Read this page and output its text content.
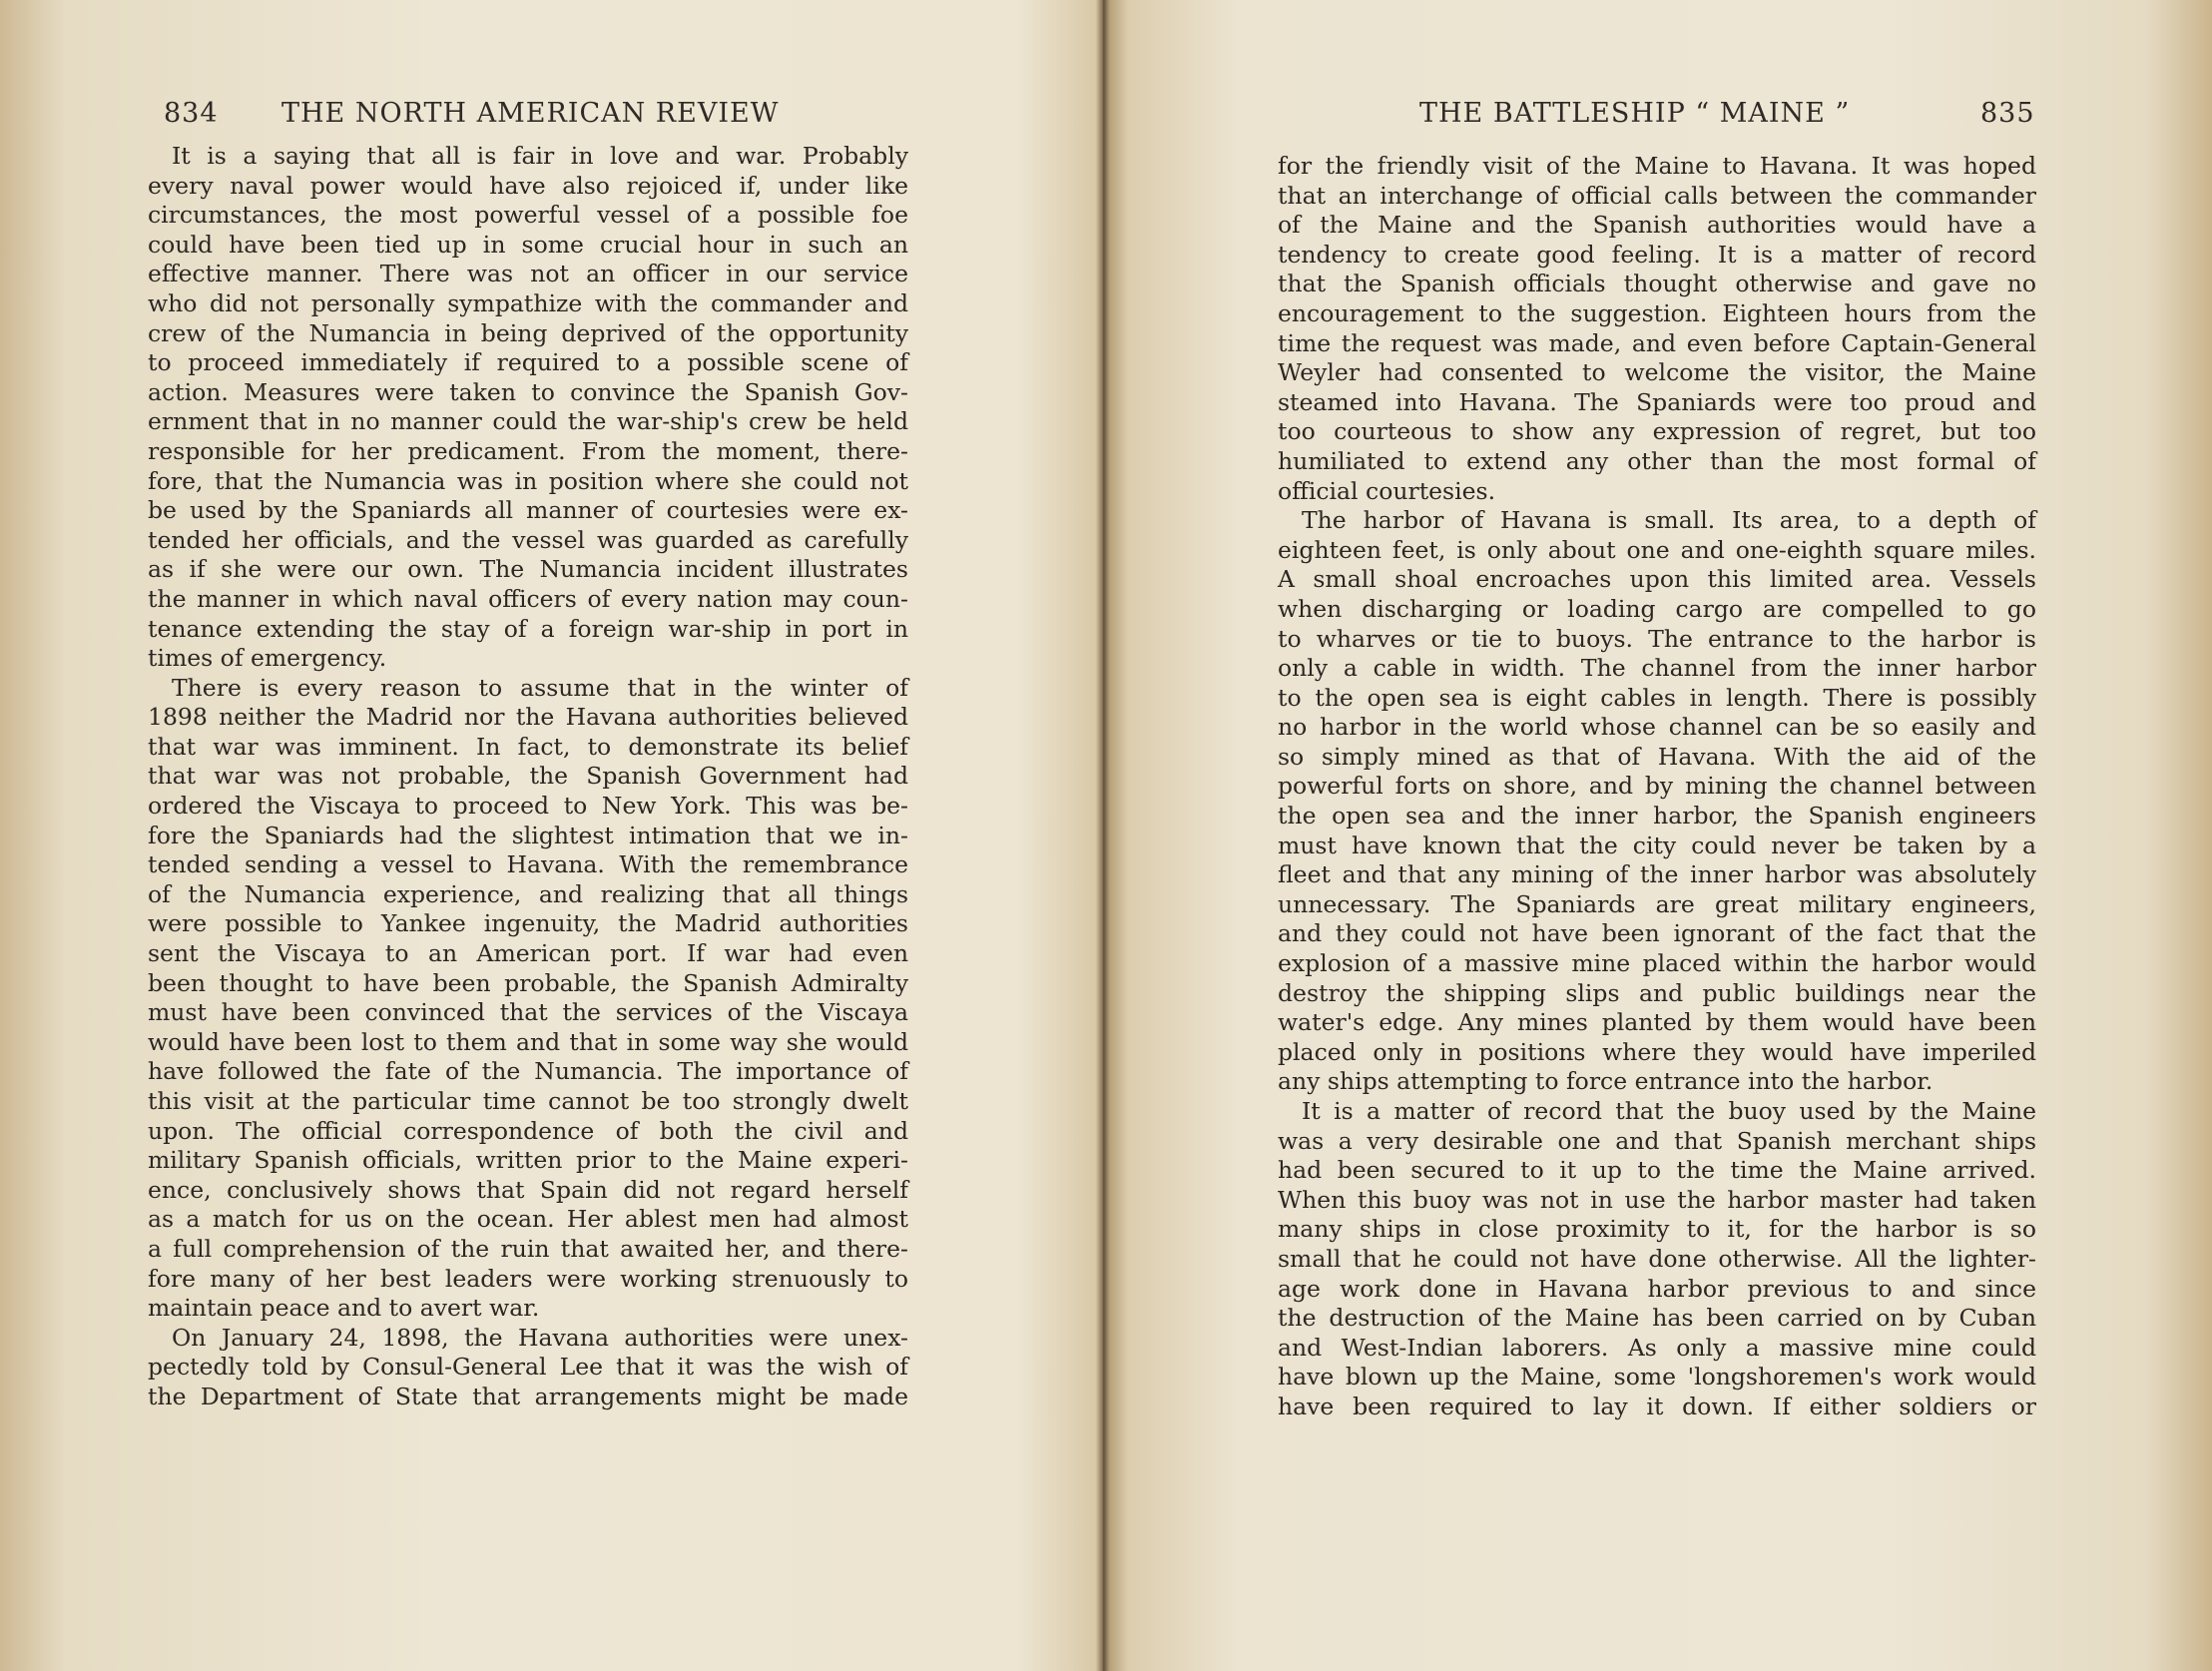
834 THE NORTH AMERICAN REVIEW
It is a saying that all is fair in love and war. Probably
every naval power would have also rejoiced if, under like
circumstances, the most powerful vessel of a possible foe
could have been tied up in some crucial hour in such an
effective manner. There was not an officer in our service
who did not personally sympathize with the commander and
crew of the Numancia in being deprived of the opportunity
to proceed immediately if required to a possible scene of
action. Measures were taken to convince the Spanish Gov-
ernment that in no manner could the war-ship's crew be held
responsible for her predicament. From the moment, there-
fore, that the Numancia was in position where she could not
be used by the Spaniards all manner of courtesies were ex-
tended her officials, and the vessel was guarded as carefully
as if she were our own. The Numancia incident illustrates
the manner in which naval officers of every nation may coun-
tenance extending the stay of a foreign war-ship in port in
times of emergency.
There is every reason to assume that in the winter of
1898 neither the Madrid nor the Havana authorities believed
that war was imminent. In fact, to demonstrate its belief
that war was not probable, the Spanish Government had
ordered the Viscaya to proceed to New York. This was be-
fore the Spaniards had the slightest intimation that we in-
tended sending a vessel to Havana. With the remembrance
of the Numancia experience, and realizing that all things
were possible to Yankee ingenuity, the Madrid authorities
sent the Viscaya to an American port. If war had even
been thought to have been probable, the Spanish Admiralty
must have been convinced that the services of the Viscaya
would have been lost to them and that in some way she would
have followed the fate of the Numancia. The importance of
this visit at the particular time cannot be too strongly dwelt
upon. The official correspondence of both the civil and
military Spanish officials, written prior to the Maine experi-
ence, conclusively shows that Spain did not regard herself
as a match for us on the ocean. Her ablest men had almost
a full comprehension of the ruin that awaited her, and there-
fore many of her best leaders were working strenuously to
maintain peace and to avert war.
On January 24, 1898, the Havana authorities were unex-
pectedly told by Consul-General Lee that it was the wish of
the Department of State that arrangements might be made
THE BATTLESHIP “ MAINE ”	835
for the friendly visit of the Maine to Havana. It was hoped
that an interchange of official calls between the commander
of the Maine and the Spanish authorities would have a
tendency to create good feeling. It is a matter of record
that the Spanish officials thought otherwise and gave no
encouragement to the suggestion. Eighteen hours from the
time the request was made, and even before Captain-General
Weyler had consented to welcome the visitor, the Maine
steamed into Havana. The Spaniards were too proud and
too courteous to show any expression of regret, but too
humiliated to extend any other than the most formal of
official courtesies.
The harbor of Havana is small. Its area, to a depth of
eighteen feet, is only about one and one-eighth square miles.
A small shoal encroaches upon this limited area. Vessels
when discharging or loading cargo are compelled to go
to wharves or tie to buoys. The entrance to the harbor is
only a cable in width. The channel from the inner harbor
to the open sea is eight cables in length. There is possibly
no harbor in the world whose channel can be so easily and
so simply mined as that of Havana. With the aid of the
powerful forts on shore, and by mining the channel between
the open sea and the inner harbor, the Spanish engineers
must have known that the city could never be taken by a
fleet and that any mining of the inner harbor was absolutely
unnecessary. The Spaniards are great military engineers,
and they could not have been ignorant of the fact that the
explosion of a massive mine placed within the harbor would
destroy the shipping slips and public buildings near the
water's edge. Any mines planted by them would have been
placed only in positions where they would have imperiled
any ships attempting to force entrance into the harbor.
It is a matter of record that the buoy used by the Maine
was a very desirable one and that Spanish merchant ships
had been secured to it up to the time the Maine arrived.
When this buoy was not in use the harbor master had taken
many ships in close proximity to it, for the harbor is so
small that he could not have done otherwise. All the lighter-
age work done in Havana harbor previous to and since
the destruction of the Maine has been carried on by Cuban
and West-Indian laborers. As only a massive mine could
have blown up the Maine, some 'longshoremen's work would
have been required to lay it down. If either soldiers or
